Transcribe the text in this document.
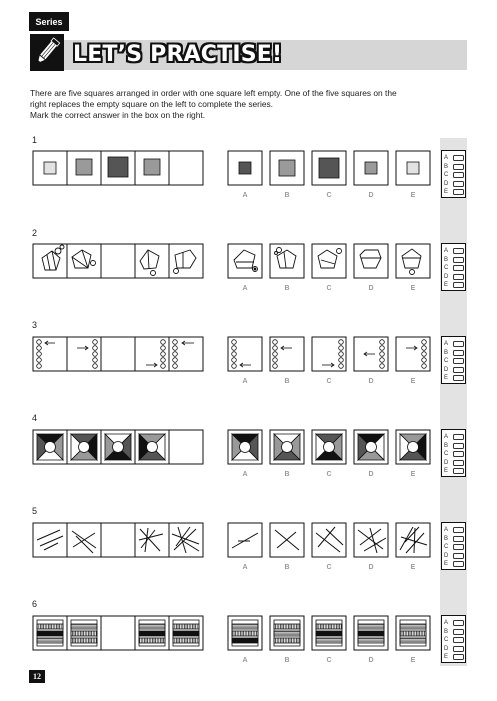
Series
LET’S PRACTISE!
There are five squares arranged in order with one square left empty. One of the five squares on the
right replaces the empty square on the left to complete the series.
Mark the correct answer in the box on the right.
1
2
3
4
5
6
A	B	C	D	E
A	B	C	D	E
A	B	C	D	E
A	B	C	D	E
A	B	C	D	E
A	B	C	D	E
A
B
C
D
E
A
B
C
D
E
A
B
C
D
E
A
B
C
D
E
A
B
C
D
E
A
B
C
D
E
12
